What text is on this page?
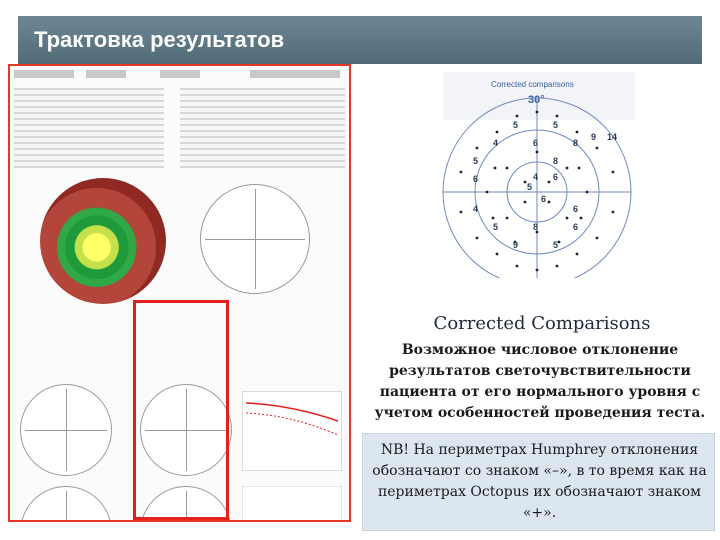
Трактовка результатов
Corrected comparisons
30°
5	5
4	6	8
9 14
5	8
6	4 6
5
6
4	6
5	8	6
9	5
Corrected Comparisons
Возможное числовое отклонение результатов светочувствительности пациента от его нормального уровня с учетом особенностей проведения теста.
NB! На периметрах Humphrey отклонения обозначают со знаком «–», в то время как на периметрах Octopus их обозначают знаком «+».
